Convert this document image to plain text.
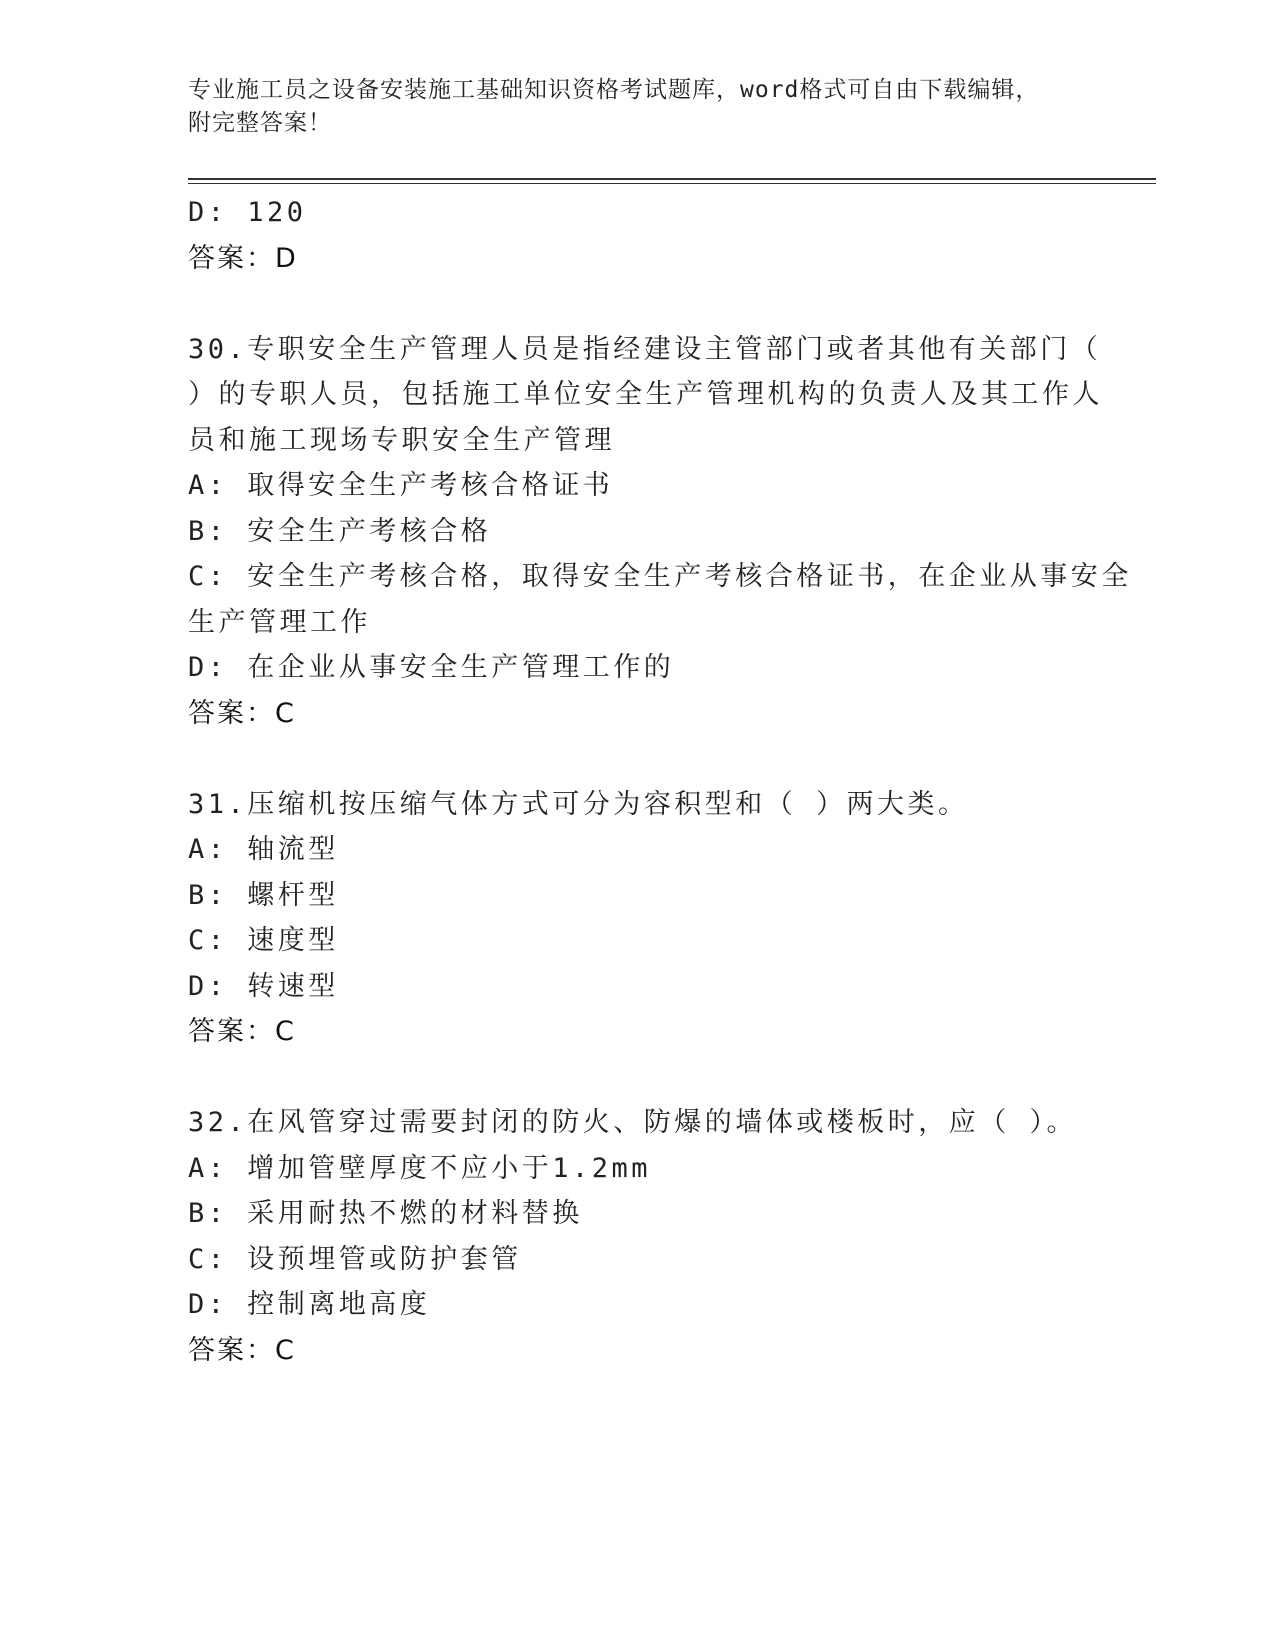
专业施工员之设备安装施工基础知识资格考试题库，word格式可自由下载编辑，
附完整答案！
D: 120
答案：D
30.专职安全生产管理人员是指经建设主管部门或者其他有关部门（
）的专职人员，包括施工单位安全生产管理机构的负责人及其工作人
员和施工现场专职安全生产管理
A: 取得安全生产考核合格证书
B: 安全生产考核合格
C: 安全生产考核合格，取得安全生产考核合格证书，在企业从事安全
生产管理工作
D: 在企业从事安全生产管理工作的
答案：C
31.压缩机按压缩气体方式可分为容积型和（ ）两大类。
A: 轴流型
B: 螺杆型
C: 速度型
D: 转速型
答案：C
32.在风管穿过需要封闭的防火、防爆的墙体或楼板时，应（ ）。
A: 增加管壁厚度不应小于1.2mm
B: 采用耐热不燃的材料替换
C: 设预埋管或防护套管
D: 控制离地高度
答案：C
